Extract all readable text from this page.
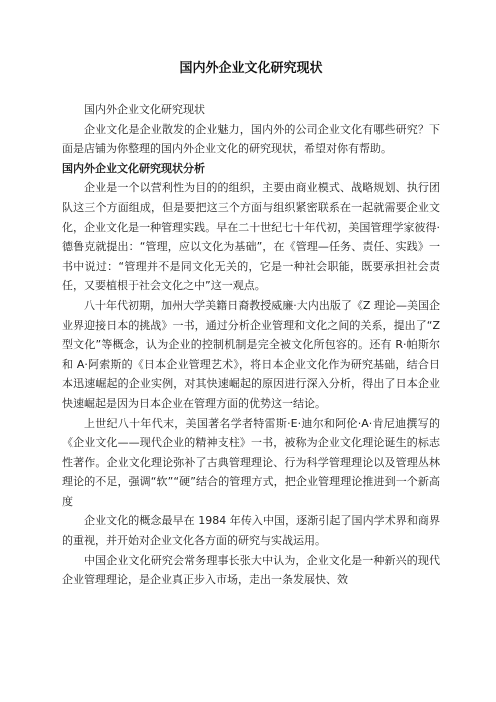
国内外企业文化研究现状

国内外企业文化研究现状

企业文化是企业散发的企业魅力，国内外的公司企业文化有哪些研究？下面是店铺为你整理的国内外企业文化的研究现状，希望对你有帮助。

国内外企业文化研究现状分析

企业是一个以营利性为目的的组织，主要由商业模式、战略规划、执行团队这三个方面组成，但是要把这三个方面与组织紧密联系在一起就需要企业文化，企业文化是一种管理实践。早在二十世纪七十年代初，美国管理学家彼得·德鲁克就提出：“管理，应以文化为基础”，在《管理—任务、责任、实践》一书中说过：“管理并不是同文化无关的，它是一种社会职能，既要承担社会责任，又要植根于社会文化之中”这一观点。

八十年代初期，加州大学美籍日裔教授威廉·大内出版了《Z 理论—美国企业界迎接日本的挑战》一书，通过分析企业管理和文化之间的关系，提出了“Z 型文化”等概念，认为企业的控制机制是完全被文化所包容的。还有 R·帕斯尔和 A·阿索斯的《日本企业管理艺术》，将日本企业文化作为研究基础，结合日本迅速崛起的企业实例，对其快速崛起的原因进行深入分析，得出了日本企业快速崛起是因为日本企业在管理方面的优势这一结论。

上世纪八十年代末，美国著名学者特雷斯·E·迪尔和阿伦·A·肯尼迪撰写的《企业文化——现代企业的精神支柱》一书，被称为企业文化理论诞生的标志性著作。企业文化理论弥补了古典管理理论、行为科学管理理论以及管理丛林理论的不足，强调“软”“硬”结合的管理方式，把企业管理理论推进到一个新高度

企业文化的概念最早在 1984 年传入中国，逐渐引起了国内学术界和商界的重视，并开始对企业文化各方面的研究与实战运用。

中国企业文化研究会常务理事长张大中认为，企业文化是一种新兴的现代企业管理理论，是企业真正步入市场，走出一条发展快、效
